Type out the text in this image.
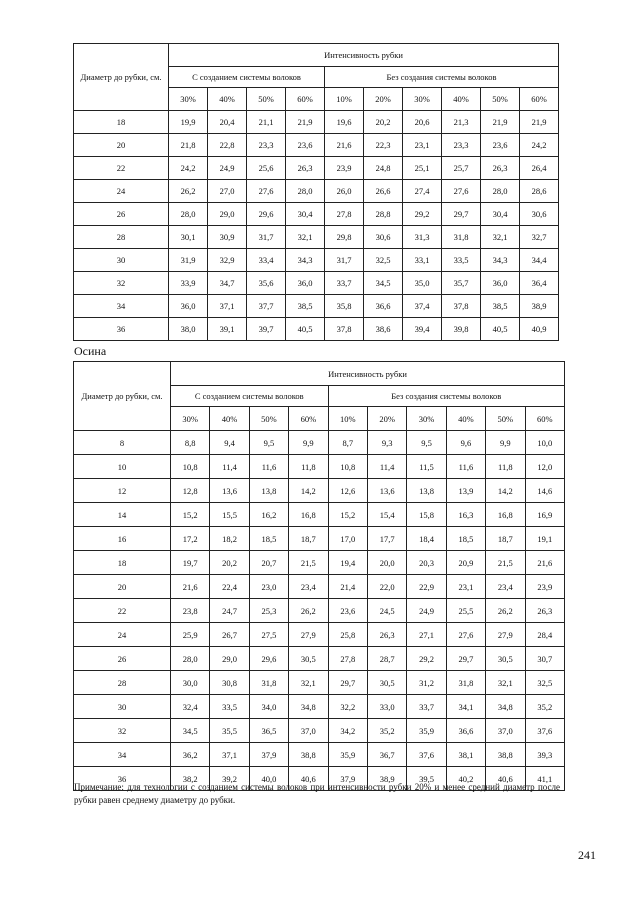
Диаметр до рубки, см.	Интенсивность рубки									
	С созданием системы волоков				Без создания системы волоков					
	30%	40%	50%	60%	10%	20%	30%	40%	50%	60%
18	19,9	20,4	21,1	21,9	19,6	20,2	20,6	21,3	21,9	21,9
20	21,8	22,8	23,3	23,6	21,6	22,3	23,1	23,3	23,6	24,2
22	24,2	24,9	25,6	26,3	23,9	24,8	25,1	25,7	26,3	26,4
24	26,2	27,0	27,6	28,0	26,0	26,6	27,4	27,6	28,0	28,6
26	28,0	29,0	29,6	30,4	27,8	28,8	29,2	29,7	30,4	30,6
28	30,1	30,9	31,7	32,1	29,8	30,6	31,3	31,8	32,1	32,7
30	31,9	32,9	33,4	34,3	31,7	32,5	33,1	33,5	34,3	34,4
32	33,9	34,7	35,6	36,0	33,7	34,5	35,0	35,7	36,0	36,4
34	36,0	37,1	37,7	38,5	35,8	36,6	37,4	37,8	38,5	38,9
36	38,0	39,1	39,7	40,5	37,8	38,6	39,4	39,8	40,5	40,9
Осина
Диаметр до рубки, см.	Интенсивность рубки									
	С созданием системы волоков				Без создания системы волоков					
	30%	40%	50%	60%	10%	20%	30%	40%	50%	60%
8	8,8	9,4	9,5	9,9	8,7	9,3	9,5	9,6	9,9	10,0
10	10,8	11,4	11,6	11,8	10,8	11,4	11,5	11,6	11,8	12,0
12	12,8	13,6	13,8	14,2	12,6	13,6	13,8	13,9	14,2	14,6
14	15,2	15,5	16,2	16,8	15,2	15,4	15,8	16,3	16,8	16,9
16	17,2	18,2	18,5	18,7	17,0	17,7	18,4	18,5	18,7	19,1
18	19,7	20,2	20,7	21,5	19,4	20,0	20,3	20,9	21,5	21,6
20	21,6	22,4	23,0	23,4	21,4	22,0	22,9	23,1	23,4	23,9
22	23,8	24,7	25,3	26,2	23,6	24,5	24,9	25,5	26,2	26,3
24	25,9	26,7	27,5	27,9	25,8	26,3	27,1	27,6	27,9	28,4
26	28,0	29,0	29,6	30,5	27,8	28,7	29,2	29,7	30,5	30,7
28	30,0	30,8	31,8	32,1	29,7	30,5	31,2	31,8	32,1	32,5
30	32,4	33,5	34,0	34,8	32,2	33,0	33,7	34,1	34,8	35,2
32	34,5	35,5	36,5	37,0	34,2	35,2	35,9	36,6	37,0	37,6
34	36,2	37,1	37,9	38,8	35,9	36,7	37,6	38,1	38,8	39,3
36	38,2	39,2	40,0	40,6	37,9	38,9	39,5	40,2	40,6	41,1
Примечание: для технологии с созданием системы волоков при интенсивности рубки 20% и менее средний диаметр после рубки равен среднему диаметру до рубки.
241
